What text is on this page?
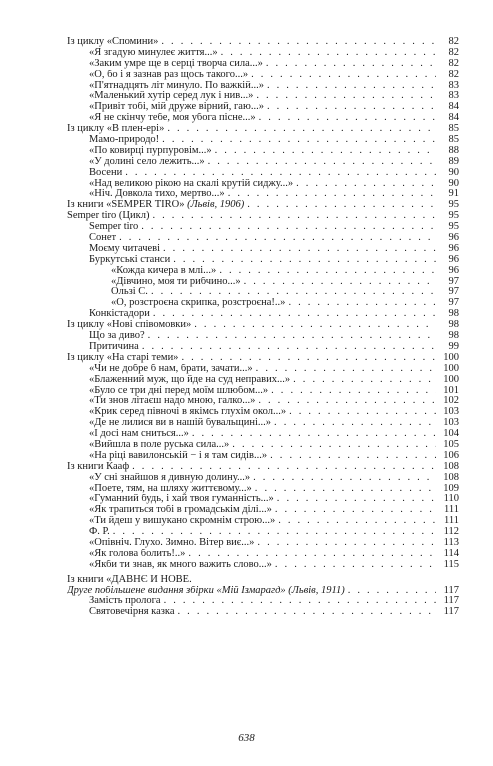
Із циклу «Спомини» . . .	82
«Я згадую минулеє життя...» . . .	82
«Заким умре ще в серці творча сила...» . . .	82
«О, бо і я зазнав раз щось такого...» . . .	82
«П'ятнадцять літ минуло. По важкій...» . . .	83
«Маленький хутір серед лук і нив...» . . .	83
«Привіт тобі, мій друже вірний, гаю...» . . .	84
«Я не скінчу тебе, моя убога пісне...» . . .	84
Із циклу «В плен-ері» . . .	85
Мамо-природо! . . .	85
«По ковирці пурпуровім...» . . .	88
«У долині село лежить...» . . .	89
Восени . . .	90
«Над великою рікою на скалі крутій сиджу...» . . .	90
«Ніч. Довкола тихо, мертво...» . . .	91
Із книги «SEMPER TIRO» (Львів, 1906) . . .	95
Semper tiro (Цикл) . . .	95
Semper tiro . . .	95
Сонет . . .	96
Моєму читачеві . . .	96
Буркутські станси . . .	96
«Кожда кичера в млі...» . . .	96
«Дівчино, моя ти рибчино...» . . .	97
Ользі С. . . .	97
«О, розстроєна скрипка, розстроєна!..» . . .	97
Конкістадори . . .	98
Із циклу «Нові співомовки» . . .	98
Що за диво? . . .	98
Притичина . . .	99
Із циклу «На старі теми» . . .	100
«Чи не добре б нам, брати, зачати...» . . .	100
«Блаженний муж, що йде на суд неправих...» . . .	100
«Було се три дні перед моїм шлюбом...» . . .	101
«Ти знов літаєш надо мною, галко...» . . .	102
«Крик серед півночі в якімсь глухім окол...» . . .	103
«Де не лилися ви в нашій бувальщині...» . . .	103
«І досі нам сниться...» . . .	104
«Вийшла в поле руська сила...» . . .	105
«На ріці вавилонській − і я там сидів...» . . .	106
Із книги Кааф . . .	108
«У сні знайшов я дивную долину...» . . .	108
«Поете, тям, на шляху життєвому...» . . .	109
«Гуманний будь, і хай твоя гуманність...» . . .	110
«Як трапиться тобі в громадськім ділі...» . . .	111
«Ти йдеш у вишукано скромнім строю...» . . .	111
Ф. Р. . . .	112
«Опівніч. Глухо. Зимно. Вітер виє...» . . .	113
«Як голова болить!..» . . .	114
«Якби ти знав, як много важить слово...» . . .	115
Із книги «ДАВНЄ Й НОВЕ.
Друге побільшене видання збірки «Мій Ізмарагд» (Львів, 1911) . . .	117
Замість пролога . . .	117
Святовечірня казка . . .	117
638
